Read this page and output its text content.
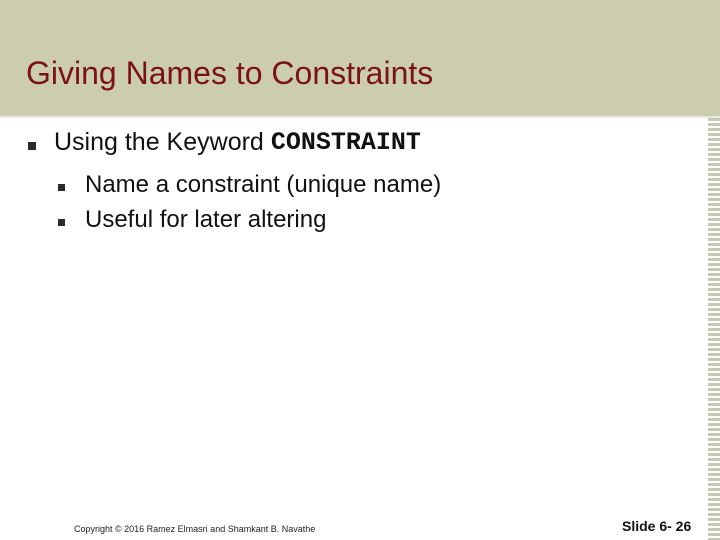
Giving Names to Constraints
Using the Keyword CONSTRAINT
Name a constraint (unique name)
Useful for later altering
Copyright © 2016 Ramez Elmasri and Shamkant B. Navathe	Slide 6- 26
